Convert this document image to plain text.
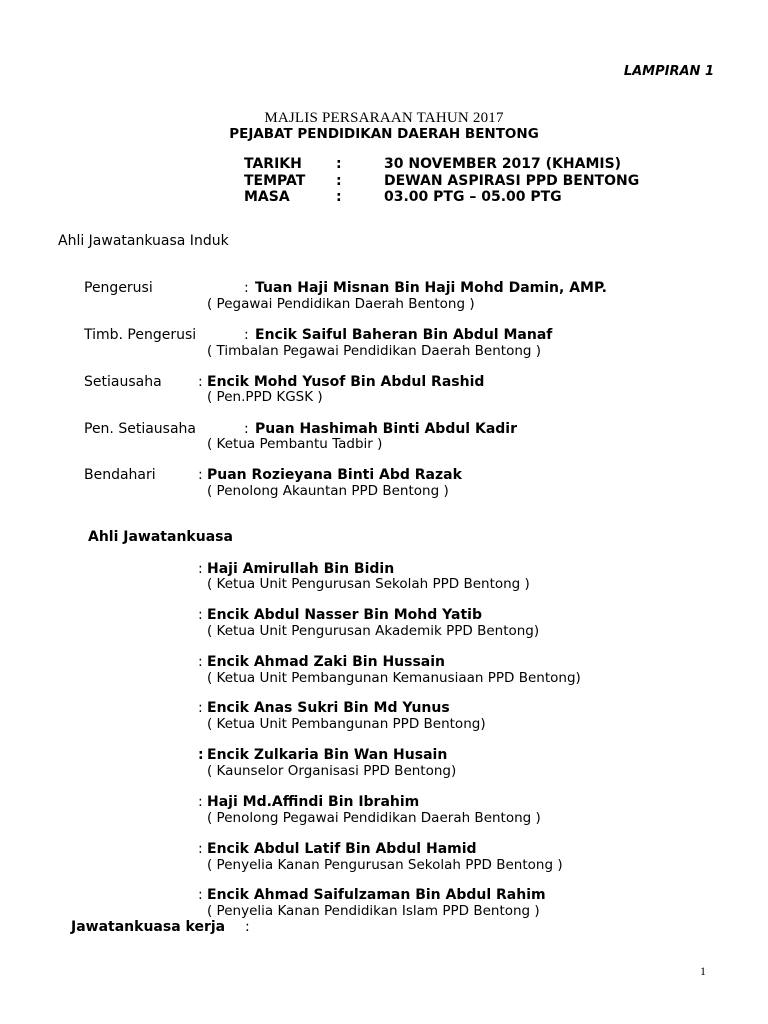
LAMPIRAN 1
MAJLIS PERSARAAN TAHUN 2017
PEJABAT PENDIDIKAN DAERAH BENTONG
TARIKH :	30 NOVEMBER 2017 (KHAMIS)
TEMPAT :	DEWAN ASPIRASI PPD BENTONG
MASA	:	03.00 PTG – 05.00 PTG
Ahli Jawatankuasa Induk
Pengerusi	: Tuan Haji Misnan Bin Haji Mohd Damin, AMP.
( Pegawai Pendidikan Daerah Bentong )
Timb. Pengerusi	: Encik Saiful Baheran Bin Abdul Manaf
( Timbalan Pegawai Pendidikan Daerah Bentong )
Setiausaha	: Encik Mohd Yusof Bin Abdul Rashid
( Pen.PPD KGSK )
Pen. Setiausaha	: Puan Hashimah Binti Abdul Kadir
( Ketua Pembantu Tadbir )
Bendahari	: Puan Rozieyana Binti Abd Razak
( Penolong Akauntan PPD Bentong )
Ahli Jawatankuasa
: Haji Amirullah Bin Bidin
( Ketua Unit Pengurusan Sekolah PPD Bentong )
: Encik Abdul Nasser Bin Mohd Yatib
( Ketua Unit Pengurusan Akademik PPD Bentong)
: Encik Ahmad Zaki Bin Hussain
( Ketua Unit Pembangunan Kemanusiaan PPD Bentong)
: Encik Anas Sukri Bin Md Yunus
( Ketua Unit Pembangunan PPD Bentong)
: Encik Zulkaria Bin Wan Husain
( Kaunselor Organisasi PPD Bentong)
: Haji Md.Affindi Bin Ibrahim
( Penolong Pegawai Pendidikan Daerah Bentong )
: Encik Abdul Latif Bin Abdul Hamid
( Penyelia Kanan Pengurusan Sekolah PPD Bentong )
: Encik Ahmad Saifulzaman Bin Abdul Rahim
( Penyelia Kanan Pendidikan Islam PPD Bentong )
Jawatankuasa kerja :
1
